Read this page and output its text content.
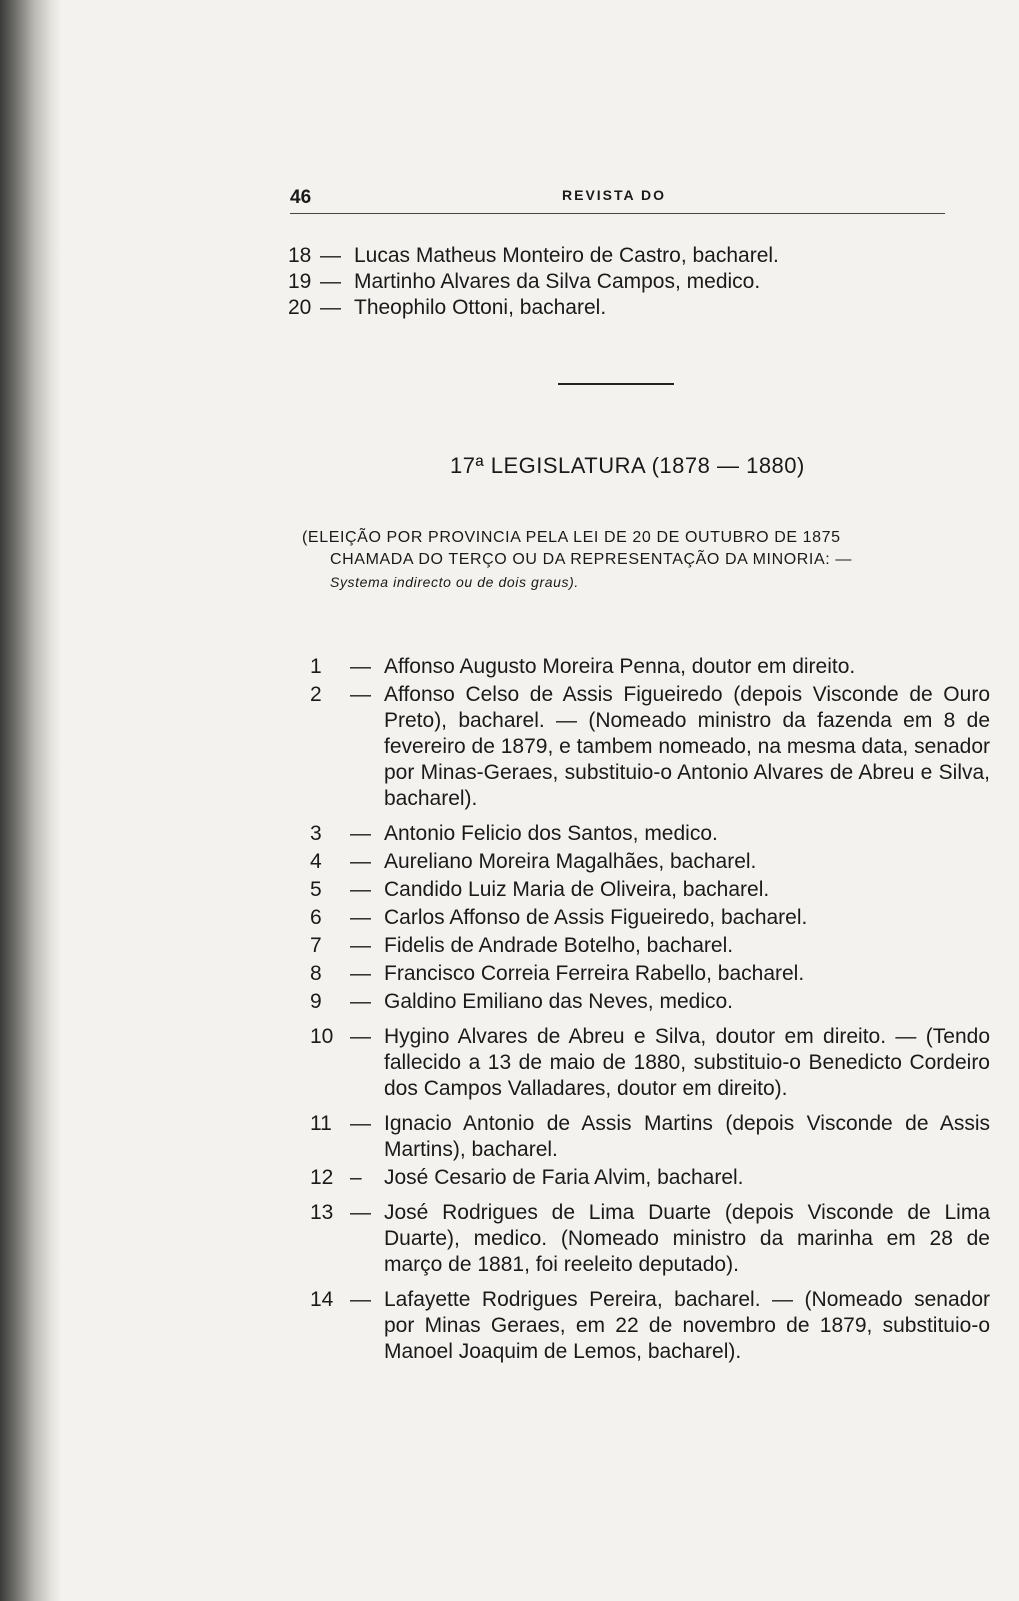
46	REVISTA DO
18 — Lucas Matheus Monteiro de Castro, bacharel.
19 — Martinho Alvares da Silva Campos, medico.
20 — Theophilo Ottoni, bacharel.
17ª LEGISLATURA (1878 — 1880)
(ELEIÇÃO POR PROVINCIA PELA LEI DE 20 DE OUTUBRO DE 1875
CHAMADA DO TERÇO OU DA REPRESENTAÇÃO DA MINORIA: —
Systema indirecto ou de dois graus).
1	— Affonso Augusto Moreira Penna, doutor em direito.
2	— Affonso Celso de Assis Figueiredo (depois Visconde de Ouro Preto), bacharel. — (Nomeado ministro da fazenda em 8 de fevereiro de 1879, e tambem nomeado, na mesma data, senador por Minas-Geraes, substituio-o Antonio Alvares de Abreu e Silva, bacharel).
3	— Antonio Felicio dos Santos, medico.
4	— Aureliano Moreira Magalhães, bacharel.
5	— Candido Luiz Maria de Oliveira, bacharel.
6	— Carlos Affonso de Assis Figueiredo, bacharel.
7	— Fidelis de Andrade Botelho, bacharel.
8	— Francisco Correia Ferreira Rabello, bacharel.
9	— Galdino Emiliano das Neves, medico.
10 — Hygino Alvares de Abreu e Silva, doutor em direito. — (Tendo fallecido a 13 de maio de 1880, substituio-o Benedicto Cordeiro dos Campos Valladares, doutor em direito).
11 — Ignacio Antonio de Assis Martins (depois Visconde de Assis Martins), bacharel.
12 –	José Cesario de Faria Alvim, bacharel.
13 — José Rodrigues de Lima Duarte (depois Visconde de Lima Duarte), medico. (Nomeado ministro da marinha em 28 de março de 1881, foi reeleito deputado).
14 — Lafayette Rodrigues Pereira, bacharel. — (Nomeado senador por Minas Geraes, em 22 de novembro de 1879, substituio-o Manoel Joaquim de Lemos, bacharel).
